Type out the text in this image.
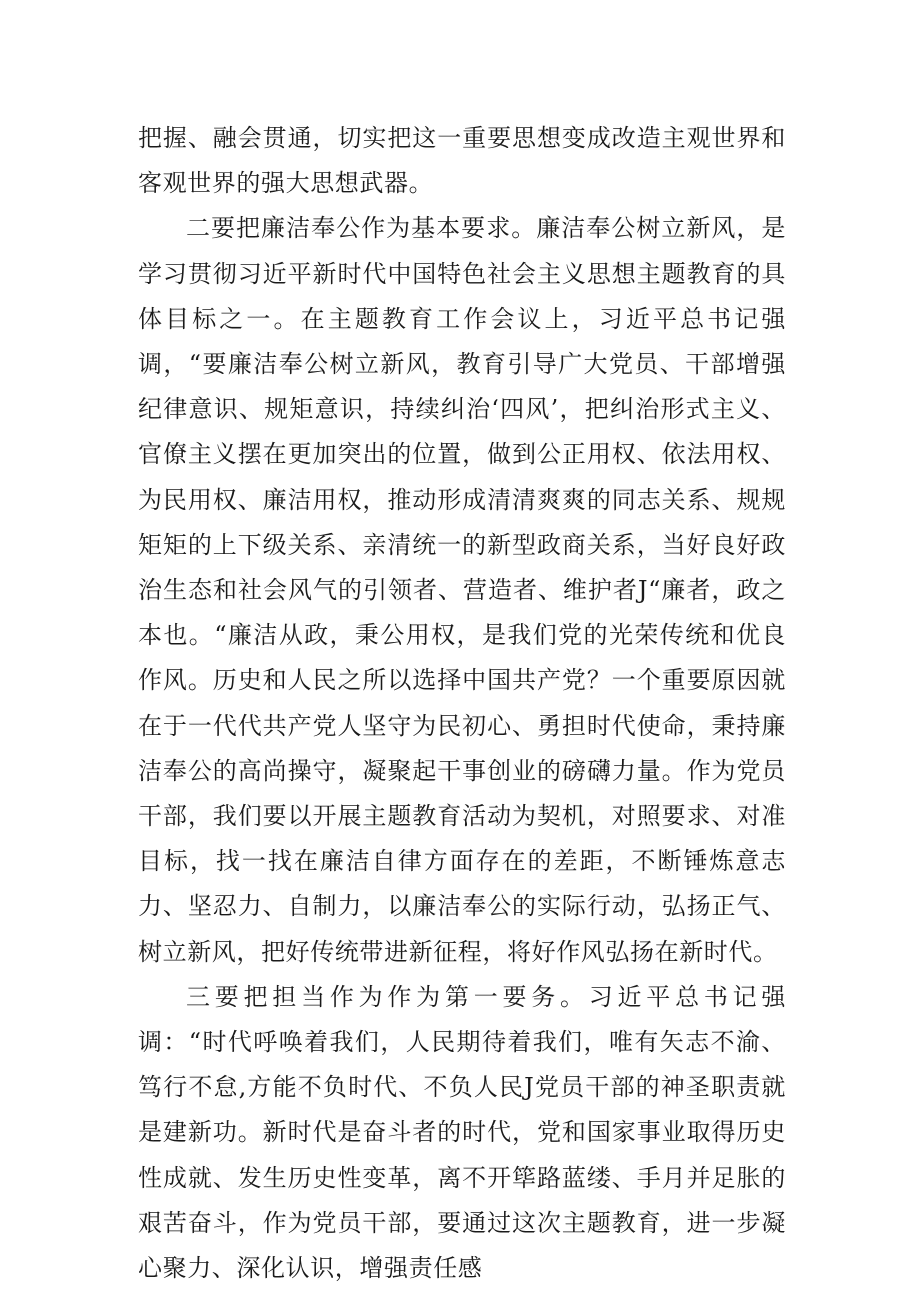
把握、融会贯通，切实把这一重要思想变成改造主观世界和客观世界的强大思想武器。

二要把廉洁奉公作为基本要求。廉洁奉公树立新风，是学习贯彻习近平新时代中国特色社会主义思想主题教育的具体目标之一。在主题教育工作会议上，习近平总书记强调，“要廉洁奉公树立新风，教育引导广大党员、干部增强纪律意识、规矩意识，持续纠治‘四风’，把纠治形式主义、官僚主义摆在更加突出的位置，做到公正用权、依法用权、为民用权、廉洁用权，推动形成清清爽爽的同志关系、规规矩矩的上下级关系、亲清统一的新型政商关系，当好良好政治生态和社会风气的引领者、营造者、维护者J“廉者，政之本也。“廉洁从政，秉公用权，是我们党的光荣传统和优良作风。历史和人民之所以选择中国共产党？一个重要原因就在于一代代共产党人坚守为民初心、勇担时代使命，秉持廉洁奉公的高尚操守，凝聚起干事创业的磅礴力量。作为党员干部，我们要以开展主题教育活动为契机，对照要求、对准目标，找一找在廉洁自律方面存在的差距，不断锤炼意志力、坚忍力、自制力，以廉洁奉公的实际行动，弘扬正气、树立新风，把好传统带进新征程，将好作风弘扬在新时代。

三要把担当作为作为第一要务。习近平总书记强调：“时代呼唤着我们，人民期待着我们，唯有矢志不渝、笃行不怠,方能不负时代、不负人民J党员干部的神圣职责就是建新功。新时代是奋斗者的时代，党和国家事业取得历史性成就、发生历史性变革，离不开筚路蓝缕、手月并足胀的艰苦奋斗，作为党员干部，要通过这次主题教育，进一步凝心聚力、深化认识，增强责任感
